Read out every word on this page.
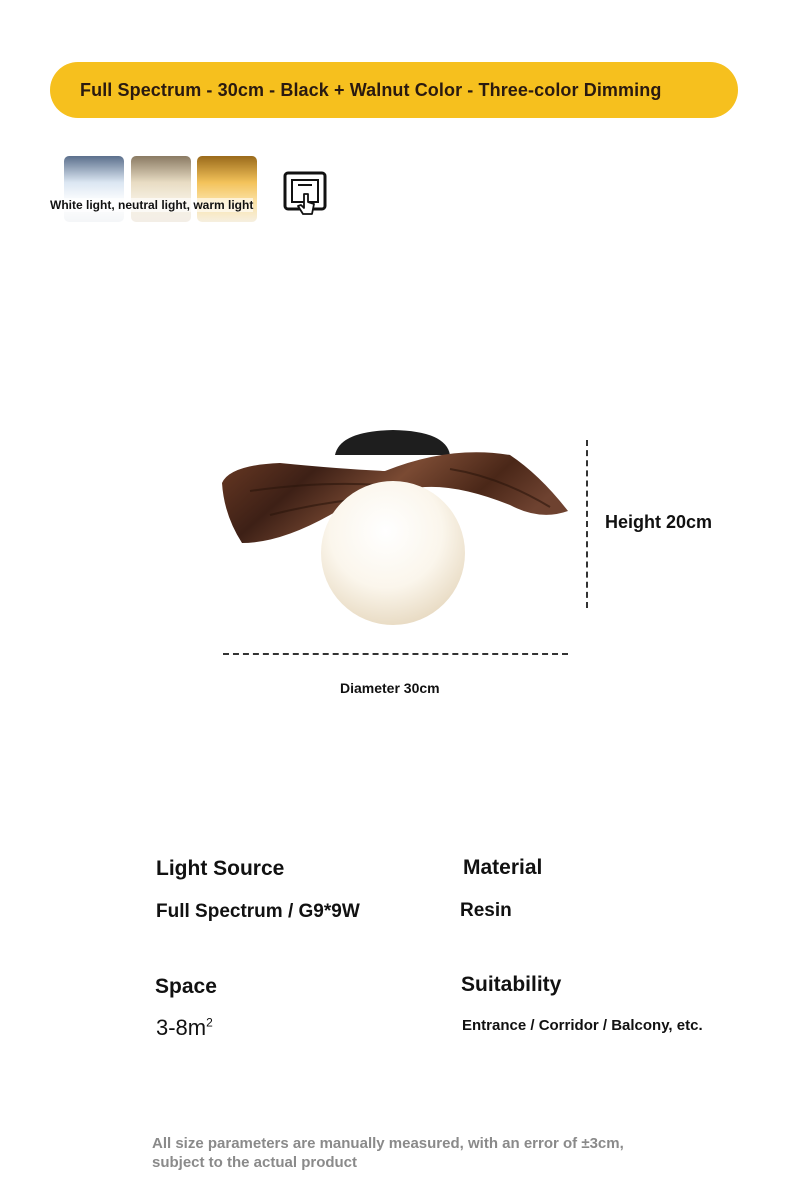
Full Spectrum - 30cm - Black + Walnut Color - Three-color Dimming
White light, neutral light, warm light
Height 20cm
Diameter 30cm
Light Source
Full Spectrum / G9*9W
Material
Resin
Space
$3-8m^2$
Suitability
Entrance / Corridor / Balcony, etc.
All size parameters are manually measured, with an error of ±3cm,
subject to the actual product
